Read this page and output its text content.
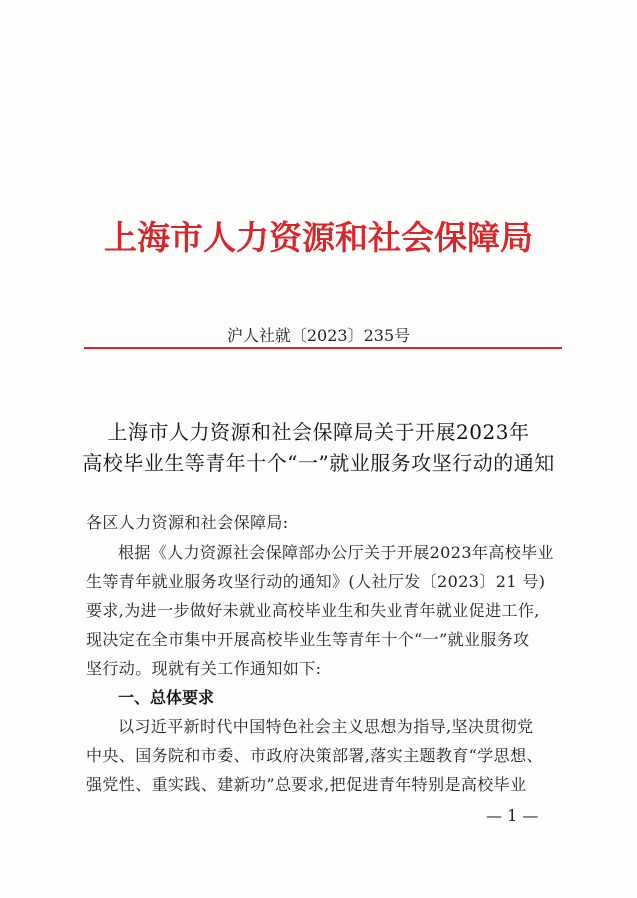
上海市人力资源和社会保障局
沪人社就〔2023〕235号
上海市人力资源和社会保障局关于开展2023年
高校毕业生等青年十个“一”就业服务攻坚行动的通知
各区人力资源和社会保障局:
根据《人力资源社会保障部办公厅关于开展2023年高校毕业
生等青年就业服务攻坚行动的通知》(人社厅发〔2023〕21 号)
要求,为进一步做好未就业高校毕业生和失业青年就业促进工作,
现决定在全市集中开展高校毕业生等青年十个“一”就业服务攻
坚行动。现就有关工作通知如下:
一、总体要求
以习近平新时代中国特色社会主义思想为指导,坚决贯彻党
中央、国务院和市委、市政府决策部署,落实主题教育“学思想、
强党性、重实践、建新功”总要求,把促进青年特别是高校毕业
— 1 —
